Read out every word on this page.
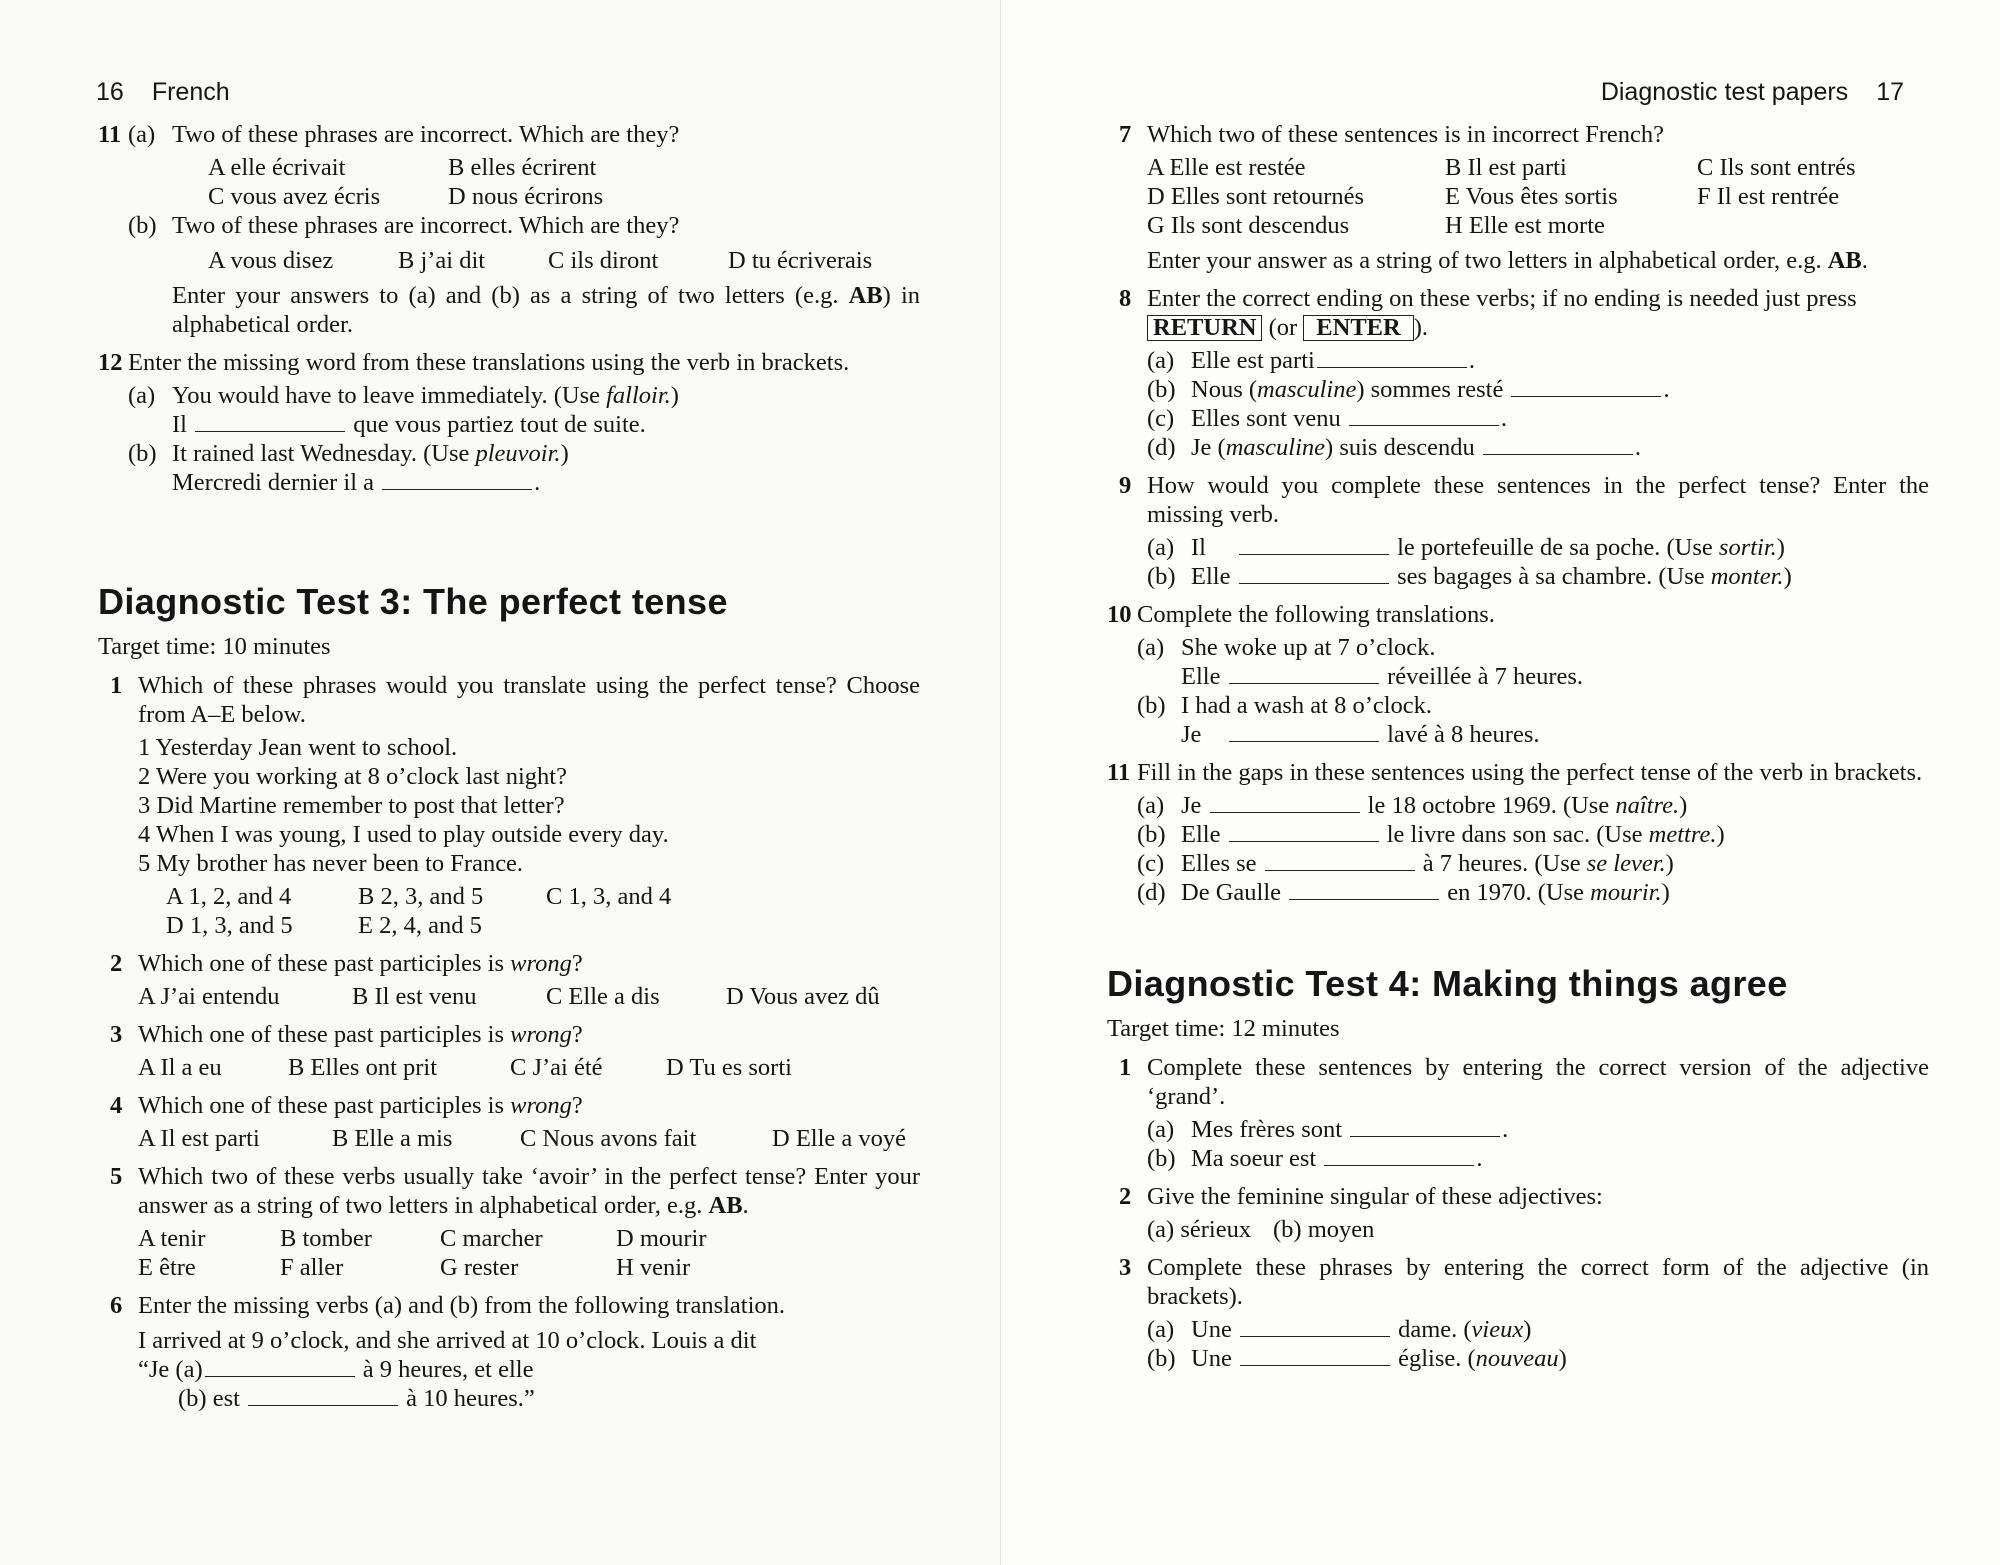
16 French
11 (a) Two of these phrases are incorrect. Which are they?
A elle écrivait	B elles écrirent
C vous avez écris	D nous écrirons
(b) Two of these phrases are incorrect. Which are they?
A vous disez	B j’ai dit	C ils diront	D tu écriverais
Enter your answers to (a) and (b) as a string of two letters (e.g. AB) in alphabetical order.
12 Enter the missing word from these translations using the verb in brackets.
(a) You would have to leave immediately. (Use falloir.)
Il	que vous partiez tout de suite.
(b) It rained last Wednesday. (Use pleuvoir.)
Mercredi dernier il a	.
Diagnostic Test 3: The perfect tense
Target time: 10 minutes
1 Which of these phrases would you translate using the perfect tense? Choose from A–E below.
1 Yesterday Jean went to school.
2 Were you working at 8 o’clock last night?
3 Did Martine remember to post that letter?
4 When I was young, I used to play outside every day.
5 My brother has never been to France.
A 1, 2, and 4	B 2, 3, and 5	C 1, 3, and 4
D 1, 3, and 5	E 2, 4, and 5
2 Which one of these past participles is wrong?
A J’ai entendu	B Il est venu	C Elle a dis	D Vous avez dû
3 Which one of these past participles is wrong?
A Il a eu	B Elles ont prit	C J’ai été	D Tu es sorti
4 Which one of these past participles is wrong?
A Il est parti	B Elle a mis	C Nous avons fait	D Elle a voyé
5 Which two of these verbs usually take ‘avoir’ in the perfect tense? Enter your answer as a string of two letters in alphabetical order, e.g. AB.
A tenir	B tomber	C marcher	D mourir
E être	F aller	G rester	H venir
6 Enter the missing verbs (a) and (b) from the following translation.
I arrived at 9 o’clock, and she arrived at 10 o’clock. Louis a dit
“Je (a)	à 9 heures, et elle
(b) est	à 10 heures.”
Diagnostic test papers 17
7 Which two of these sentences is in incorrect French?
A Elle est restée	B Il est parti	C Ils sont entrés
D Elles sont retournés	E Vous êtes sortis	F Il est rentrée
G Ils sont descendus	H Elle est morte
Enter your answer as a string of two letters in alphabetical order, e.g. AB.
8 Enter the correct ending on these verbs; if no ending is needed just press
RETURN (or ENTER ).
(a) Elle est parti	.
(b) Nous (masculine) sommes resté	.
(c) Elles sont venu	.
(d) Je (masculine) suis descendu	.
9 How would you complete these sentences in the perfect tense? Enter the missing verb.
(a) Il	le portefeuille de sa poche. (Use sortir.)
(b) Elle	ses bagages à sa chambre. (Use monter.)
10 Complete the following translations.
(a) She woke up at 7 o’clock.
Elle	réveillée à 7 heures.
(b) I had a wash at 8 o’clock.
Je	lavé à 8 heures.
11 Fill in the gaps in these sentences using the perfect tense of the verb in brackets.
(a) Je	le 18 octobre 1969. (Use naître.)
(b) Elle	le livre dans son sac. (Use mettre.)
(c) Elles se	à 7 heures. (Use se lever.)
(d) De Gaulle	en 1970. (Use mourir.)
Diagnostic Test 4: Making things agree
Target time: 12 minutes
1 Complete these sentences by entering the correct version of the adjective ‘grand’.
(a) Mes frères sont	.
(b) Ma soeur est	.
2 Give the feminine singular of these adjectives:
(a) sérieux (b) moyen
3 Complete these phrases by entering the correct form of the adjective (in brackets).
(a) Une	dame. (vieux)
(b) Une	église. (nouveau)
